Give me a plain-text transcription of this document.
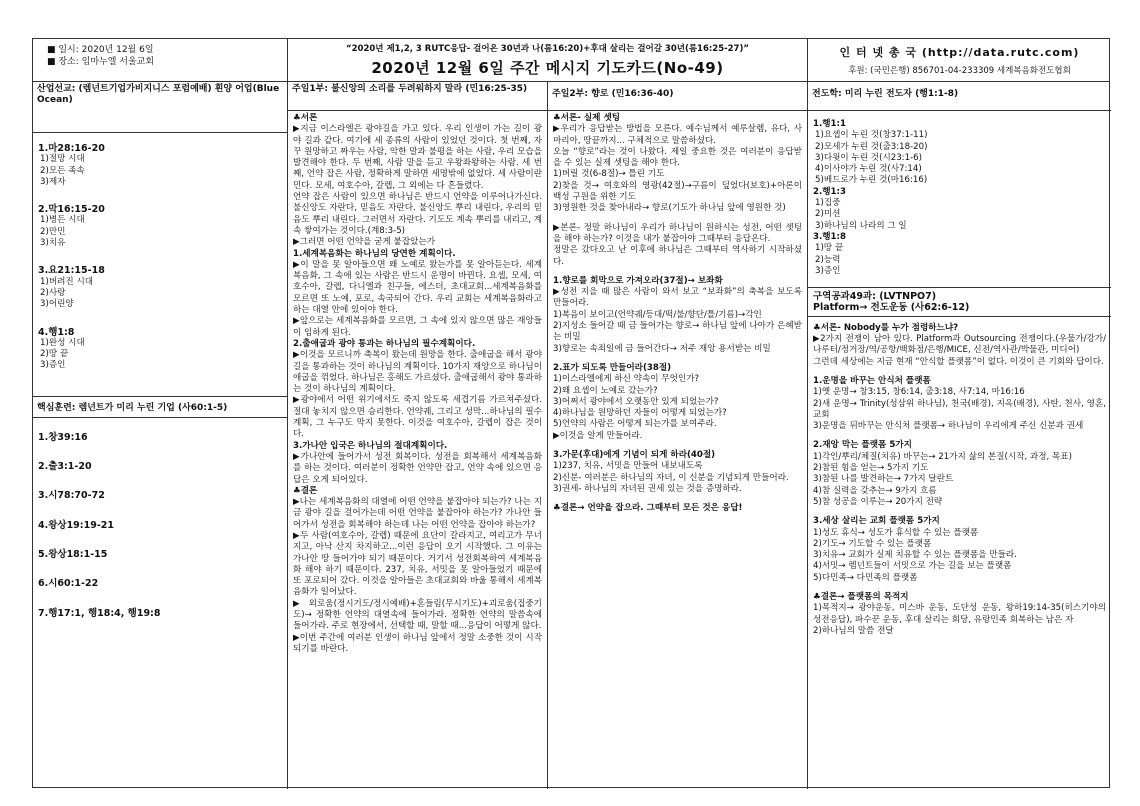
■ 일시: 2020년 12월 6일
■ 장소: 임마누엘 서울교회
“2020년 제1,2, 3 RUTC응답- 걸어온 30년과 나(롬16:20)+후대 살리는 걸어갈 30년(롬16:25-27)”
2020년 12월 6일 주간 메시지 기도카드(No-49)
인 터 넷 총 국 (http://data.rutc.com)
후원: (국민은행) 856701-04-233309 세계복음화전도협회
산업선교: (렘넌트기업가비지니스 포럼예배) 흰양 어업(Blue Ocean)
1.마28:16-20
1)절망 시대
2)모든 족속
3)제자
2.막16:15-20
1)병든 시대
2)만민
3)치유
3.요21:15-18
1)버려진 시대
2)사랑
3)어린양
4.행1:8
1)완성 시대
2)땅 끝
3)증인
핵심훈련: 렘넌트가 미리 누린 기업 (사60:1-5)
1.창39:16
2.출3:1-20
3.시78:70-72
4.왕상19:19-21
5.왕상18:1-15
6.시60:1-22
7.행17:1, 행18:4, 행19:8
주일1부: 불신앙의 소리를 두려워하지 말라 (민16:25-35)
♣서론
▶지금 이스라엘은 광야길을 가고 있다. 우리 인생이 가는 길이 광야 길과 같다. 여기에 세 종류의 사람이 있었던 것이다. 첫 번째, 자꾸 원망하고 짜우는 사람, 악한 말과 불평을 하는 사람, 우리 모습을 발견해야 한다. 두 번째, 사람 말을 듣고 우왕좌왕하는 사람. 세 번째, 언약 잡은 사람, 정확하게 말하면 세명밖에 없었다. 세 사람이란 민다. 모세, 여호수아, 갈렙, 그 외에는 다 흔들렸다.
언약 잡은 사람이 있으면 하나님은 반드시 언약을 이루어나가신다. 불신앙도 자란다, 믿음도 자란다. 불신앙도 뿌리 내린다, 우리의 믿음도 뿌리 내린다. 그러면서 자란다. 기도도 계속 뿌리를 내리고, 계속 쌓여가는 것이다.(계8:3-5)
▶그러면 어떤 언약을 굳게 붙잡았는가
1.세계복음화는 하나님의 당연한 계획이다.
▶이 말을 못 알아들으면 왜 노예로 왔는가를 못 알아듣는다. 세계복음화, 그 속에 있는 사람은 반드시 운명이 바뀐다. 요셉, 모세, 여호수아, 갈렙, 다니엘과 친구들, 에스더, 초대교회...세계복음화를 모르면 또 노예, 포로, 속국되어 간다. 우리 교회는 세계복음화라고 하는 대열 안에 있어야 한다.
▶앞으로는 세계복음화를 모르면, 그 속에 있지 않으면 많은 재앙들이 임하게 된다.
2.출애굽과 광야 통과는 하나님의 필수계획이다.
▶이것을 모르니까 축복이 왔는데 원망을 한다. 출애굽을 해서 광야길을 통과하는 것이 하나님의 계획이다. 10가지 재앙으로 하나님이 애굽을 꺾었다. 하나님은 홍해도 가르셨다. 출애굽해서 광야 통과하는 것이 하나님의 계획이다.
▶광야에서 어떤 위기에서도 죽지 않도록 세겹기름 가르쳐주셨다. 절대 놓치지 않으면 승리한다. 언약궤, 그리고 성막...하나님의 필수계획, 그 누구도 막지 못한다. 이것을 여호수아, 갈렙이 잡은 것이다.
3.가나안 입국은 하나님의 절대계획이다.
▶가나안에 들어가서 성전 회복이다. 성전을 회복해서 세계복음화를 하는 것이다. 여러분이 정확한 언약만 잡고, 언약 속에 있으면 응답은 오게 되어있다.
♣결론
▶나는 세계복음화의 대열에 어떤 언약을 붙잡아야 되는가? 나는 지금 광야 길을 걸어가는데 어떤 언약을 붙잡아야 하는가? 가나안 들어가서 성전을 회복해야 하는데 나는 어떤 언약을 잡아야 하는가?
▶두 사람(여호수아, 갈렙) 때문에 요단이 갈라지고, 여리고가 무너지고, 아낙 산지 차지하고...이런 응답이 오기 시작했다. 그 이유는 가나안 땅 들어가야 되기 때문이다. 거기서 성전회복하여 세계복음화 해야 하기 때문이다. 237, 치유, 서밋을 못 알아들었기 때문에 또 포로되어 갔다. 이것을 알아들은 초대교회와 바울 통해서 세계복음화가 일어났다.
▶외로움(정시기도/정시예배)+혼들림(무시기도)+괴로움(집중기도)→ 정확한 언약의 대열속에 들어가라. 정확한 언약의 말씀속에 들어가라. 주로 현장에서, 선택할 때, 말할 때...응답이 어떻게 않다.
▶이번 주간에 여러분 인생이 하나님 앞에서 정말 소중한 것이 시작되기를 바란다.
주일2부: 향로 (민16:36-40)
♣서론- 실제 셋팅
▶우리가 응답받는 방법을 모른다. 예수님께서 예루살렘, 유다, 사마리아, 땅끝까지... 구체적으로 말씀하셨다.
오늘 “향로”라는 것이 나왔다. 제일 중요한 것은 여러분이 응답받을 수 있는 실제 셋팅을 해야 한다.
1)버릴 것(6-8절)→ 틀린 기도
2)찾을 것→ 여호와의 영광(42절)→구름이 덮었다(보호)+아론이 백성 구원을 위한 기도
3)영원한 것을 찾아내라→ 향로(기도가 하나님 앞에 영원한 것)
▶본론- 정말 하나님이 우리가 하나님이 원하시는 성전, 어떤 셋팅을 해야 하는가? 이것을 내가 붙잡아야 그때부터 응답온다.
정말은 갔다오고 난 이후에 하나님은 그때부터 역사하기 시작하셨다.
1.향로를 회막으로 가져오라(37절)→ 보좌화
▶성전 지을 때 많은 사람이 와서 보고 “보좌화”의 축복을 보도록 만들어라.
1)복음이 보이고(언약궤/등대/떡/불/향단/틀/기름)→각인
2)지성소 들어갈 때 금 들어가는 향로→ 하나님 앞에 나아가 은혜받는 비밀
3)향로는 속죄일에 금 들어간다→ 저주 재앙 용서받는 비밀
2.표가 되도록 만들어라(38절)
1)이스라엘에게 하신 약속이 무엇인가?
2)왜 요셉이 노예로 갔는가?
3)어쩌서 광야에서 오랫동안 있게 되었는가?
4)하나님을 원망하던 자들이 어떻게 되었는가?
5)언약의 사람은 어떻게 되는가를 보여주라.
▶이것을 알게 만들어라.
3.가문(후대)에게 기념이 되게 하라(40절)
1)237, 치유, 서밋을 만들어 내보내도록
2)신분- 여러분은 하나님의 자녀, 이 신분을 기념되게 만들어라.
3)권세- 하나님의 자녀된 권세 있는 것을 증명하라.
♣결론→ 언약을 잡으라. 그때부터 모든 것은 응답!
전도학: 미리 누린 전도자 (행1:1-8)
1.행1:1
1)요셉이 누린 것(창37:1-11)
2)모세가 누린 것(출3:18-20)
3)다윗이 누린 것(시23:1-6)
4)이사야가 누린 것(사7:14)
5)베드로가 누린 것(마16:16)
2.행1:3
1)집중
2)미션
3)하나님의 나라의 그 일
3.행1:8
1)땅 끝
2)능력
3)증인
구역공과49과: (LVTNPO7)
Platform→ 전도운동 (사62:6-12)
♣서론- Nobody를 누가 점령하느냐?
▶2가지 전쟁이 남아 있다. Platform과 Outsourcing 전쟁이다.(우물가/강가/나루터/정거장/역/공항/백화점/은행/MICE, 신전/역사관/박물관, 미디어)
그런데 세상에는 지금 현재 “안식할 플랫폼”이 없다. 이것이 큰 기회와 답이다.
1.운명을 바꾸는 안식처 플랫폼
1)옛 운명→ 창3:15, 창6:14, 출3:18, 사7:14, 마16:16
2)새 운명→ Trinity(성삼위 하나님), 천국(배경), 지옥(배경), 사탄, 천사, 영혼, 교회
3)운명을 뒤바꾸는 안식처 플랫폼→ 하나님이 우리에게 주신 신분과 권세
2.재앙 막는 플랫폼 5가지
1)각인/뿌리/체질(치유) 바꾸는→ 21가지 삶의 본질(시작, 과정, 목표)
2)참된 힘을 얻는→ 5가지 기도
3)참된 나를 발견하는→ 7가지 달란트
4)참 실력을 갖추는→ 9가지 흐름
5)참 성공을 이루는→ 20가지 전략
3.세상 살리는 교회 플랫폼 5가지
1)성도 휴식→ 성도가 휴식할 수 있는 플랫폼
2)기도→ 기도할 수 있는 플랫폼
3)치유→ 교회가 실제 치유할 수 있는 플랫폼을 만들라.
4)서밋→ 렘넌트들이 서밋으로 가는 길을 보는 플랫폼
5)다민족→ 다민족의 플랫폼
♣결론→ 플랫폼의 목적지
1)목적지→ 광야운동, 미스바 운동, 도단성 운동, 왕하19:14-35(히스기야의 성전응답), 파수꾼 운동, 후대 살리는 회당, 유랑민족 회복하는 남은 자
2)하나님의 말씀 전달
